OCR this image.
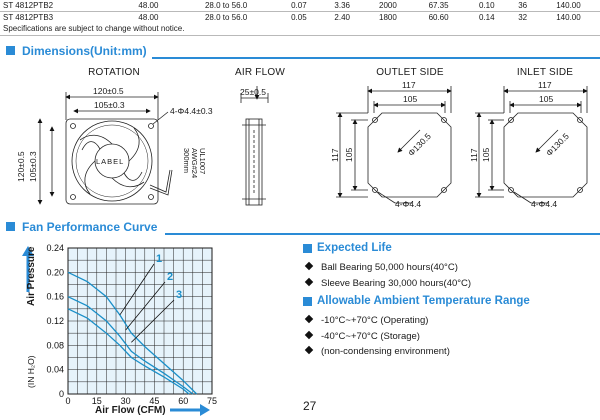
ST 4812PTB2	48.00	28.0 to 56.0	0.07	3.36	2000	67.35	0.10	36	140.00
ST 4812PTB3	48.00	28.0 to 56.0	0.05	2.40	1800	60.60	0.14	32	140.00
Specifications are subject to change without notice.
Dimensions(Unit:mm)
ROTATION	AIR FLOW	OUTLET SIDE	INLET SIDE
120±0.5
105±0.3
4-Φ4.4±0.3
120±0.5 105±0.3	LABEL	UL1007
AWG#24
300mm
25±0.5
117
105
117 105	Φ130.5
4-Φ4.4
117
105
117 105	Φ130.5
4-Φ4.4
Fan Performance Curve
0
0.04
0.08
0.12
0.16
0.20
0.24
0 15 30 45 60 75
1
2
3
Air Pressure
(IN H₂O)
Air Flow (CFM)
Expected Life
Ball Bearing 50,000 hours(40°C)
Sleeve Bearing 30,000 hours(40°C)
Allowable Ambient Temperature Range
-10°C~+70°C (Operating)
-40°C~+70°C (Storage)
(non-condensing environment)
27
